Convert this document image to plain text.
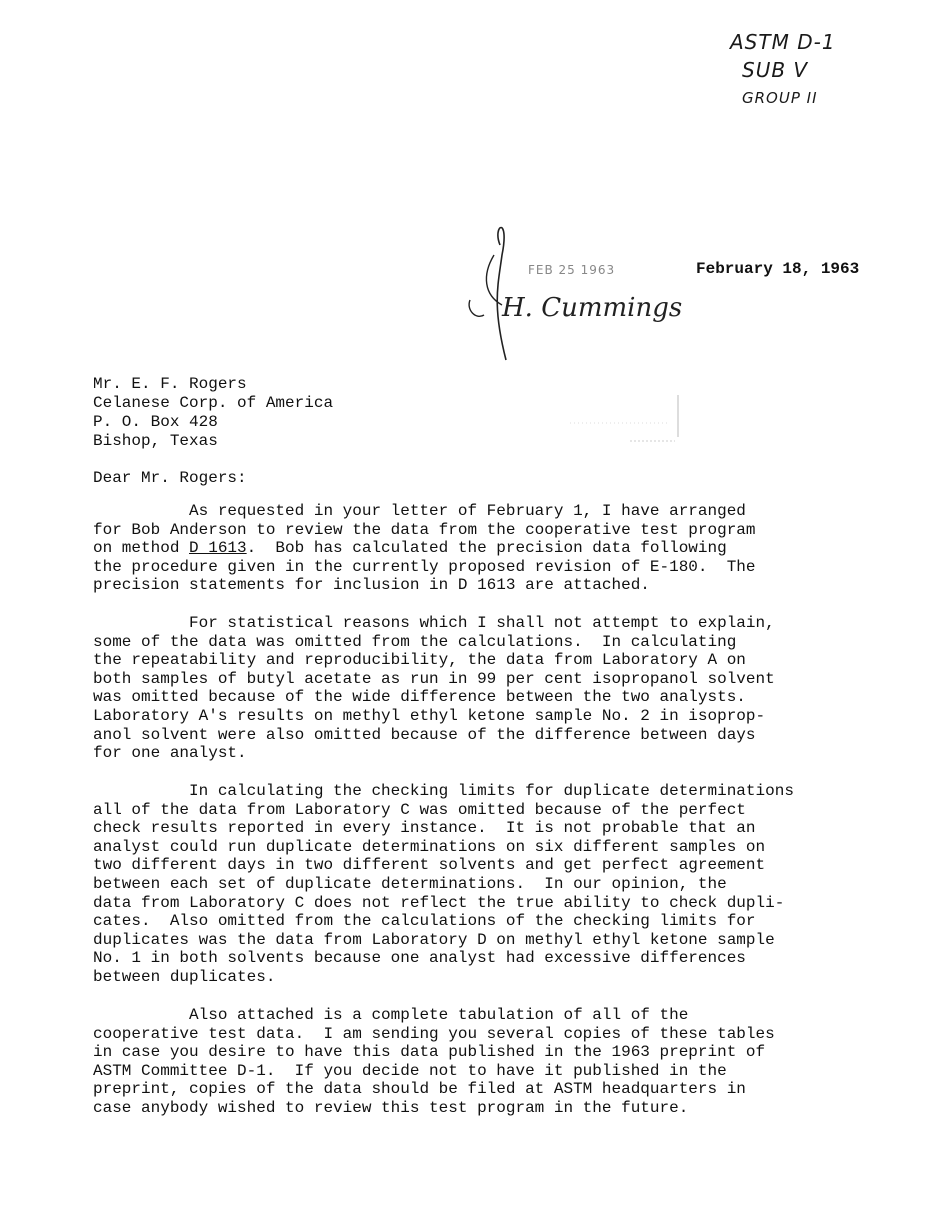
ASTM D-1
SUB V
GROUP II
FEB 25 1963
H. Cummings
February 18, 1963
Mr. E. F. Rogers
Celanese Corp. of America
P. O. Box 428
Bishop, Texas
Dear Mr. Rogers:
As requested in your letter of February 1, I have arranged
for Bob Anderson to review the data from the cooperative test program
on method D 1613.  Bob has calculated the precision data following
the procedure given in the currently proposed revision of E-180.  The
precision statements for inclusion in D 1613 are attached.
For statistical reasons which I shall not attempt to explain,
some of the data was omitted from the calculations.  In calculating
the repeatability and reproducibility, the data from Laboratory A on
both samples of butyl acetate as run in 99 per cent isopropanol solvent
was omitted because of the wide difference between the two analysts.
Laboratory A's results on methyl ethyl ketone sample No. 2 in isoprop-
anol solvent were also omitted because of the difference between days
for one analyst.
In calculating the checking limits for duplicate determinations
all of the data from Laboratory C was omitted because of the perfect
check results reported in every instance.  It is not probable that an
analyst could run duplicate determinations on six different samples on
two different days in two different solvents and get perfect agreement
between each set of duplicate determinations.  In our opinion, the
data from Laboratory C does not reflect the true ability to check dupli-
cates.  Also omitted from the calculations of the checking limits for
duplicates was the data from Laboratory D on methyl ethyl ketone sample
No. 1 in both solvents because one analyst had excessive differences
between duplicates.
Also attached is a complete tabulation of all of the
cooperative test data.  I am sending you several copies of these tables
in case you desire to have this data published in the 1963 preprint of
ASTM Committee D-1.  If you decide not to have it published in the
preprint, copies of the data should be filed at ASTM headquarters in
case anybody wished to review this test program in the future.
